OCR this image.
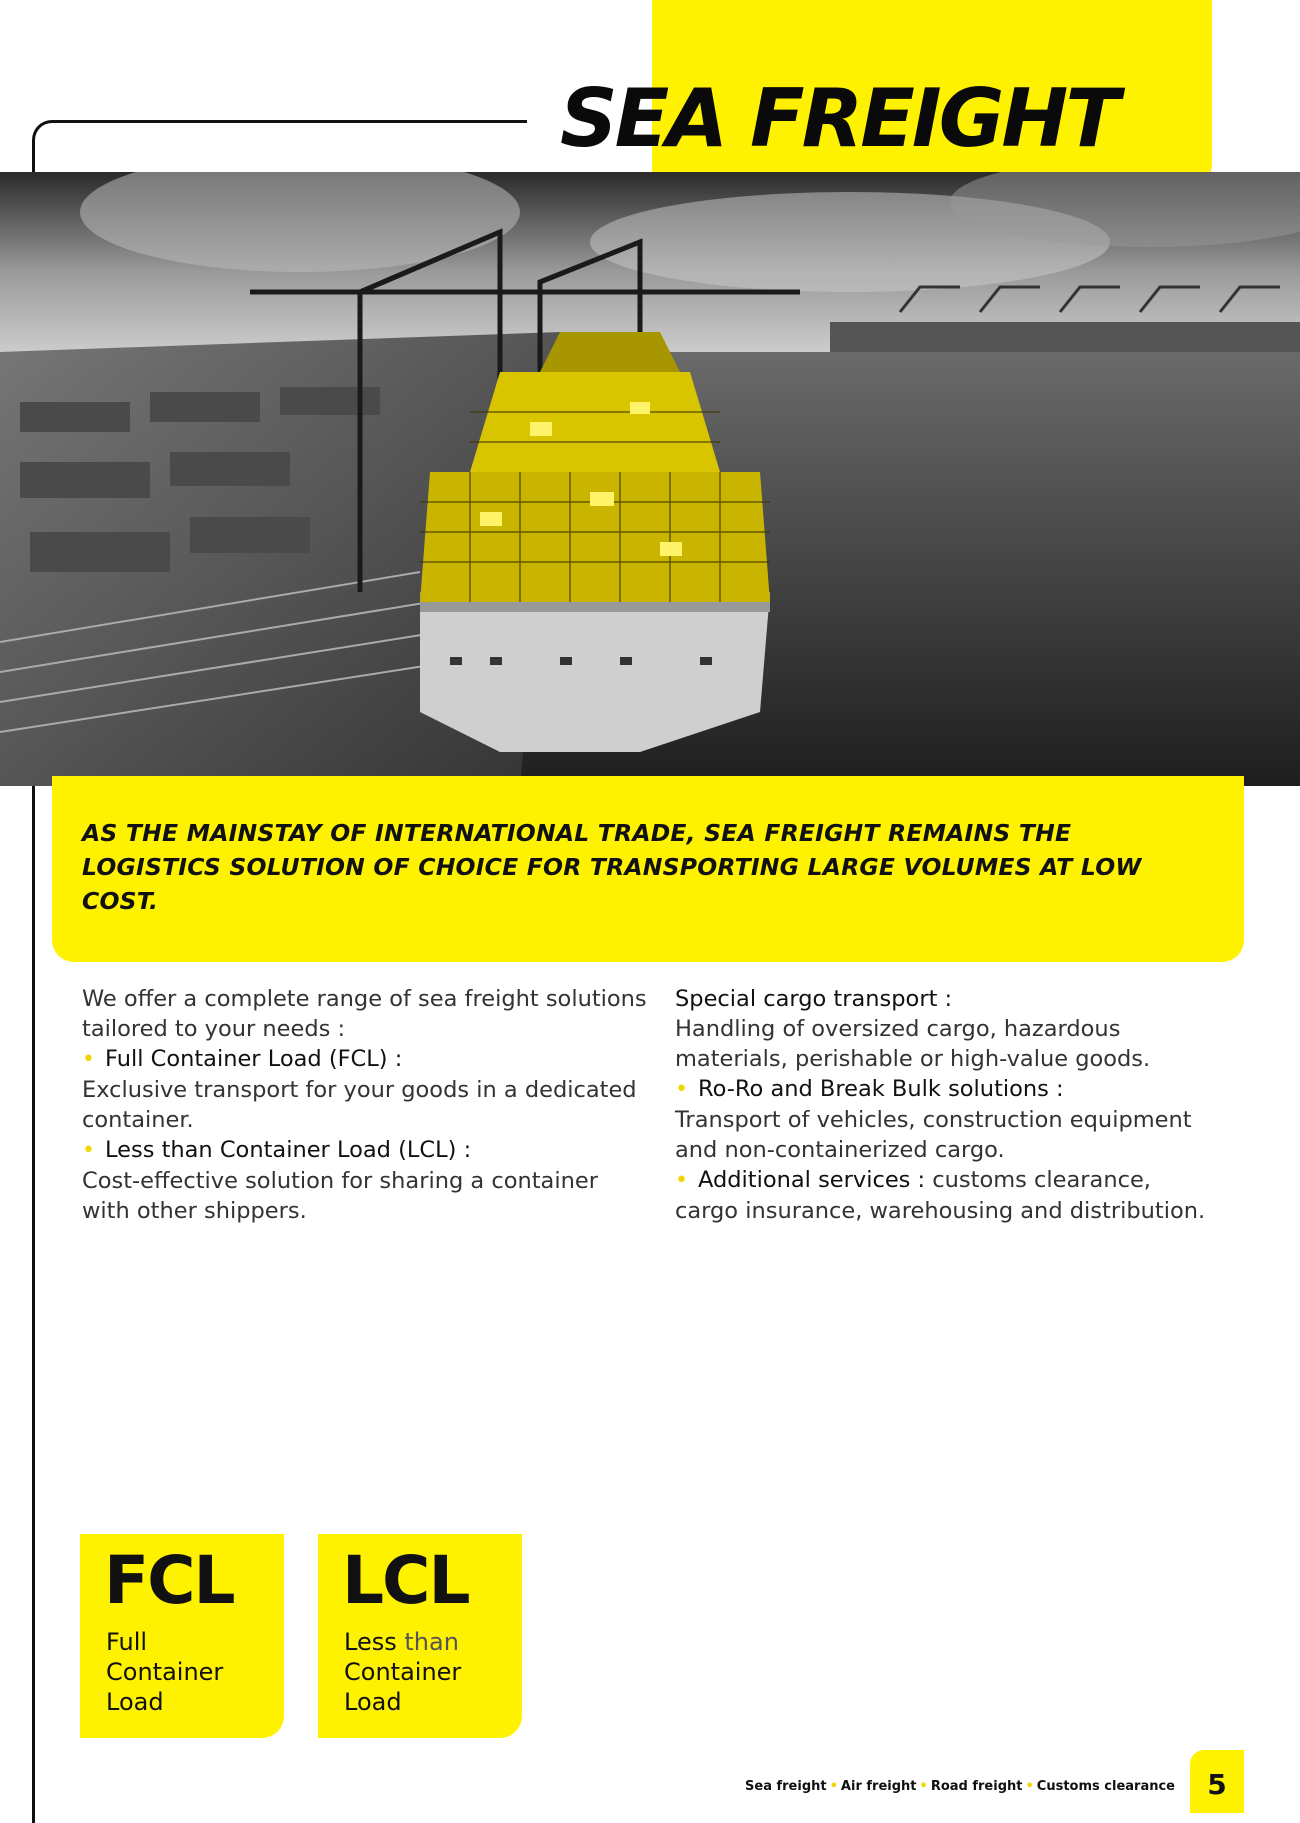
SEA FREIGHT
AS THE MAINSTAY OF INTERNATIONAL TRADE, SEA FREIGHT REMAINS THE LOGISTICS SOLUTION OF CHOICE FOR TRANSPORTING LARGE VOLUMES AT LOW COST.

We offer a complete range of sea freight solutions tailored to your needs :

• Full Container Load (FCL) :

Exclusive transport for your goods in a dedicated container.

• Less than Container Load (LCL) :

Cost-effective solution for sharing a container with other shippers.

Special cargo transport :

Handling of oversized cargo, hazardous materials, perishable or high-value goods.

• Ro-Ro and Break Bulk solutions :

Transport of vehicles, construction equipment and non-containerized cargo.

• Additional services : customs clearance, cargo insurance, warehousing and distribution.

FCL
Full
Container
Load
LCL
Less than
Container
Load
Sea freight • Air freight • Road freight • Customs clearance	5
